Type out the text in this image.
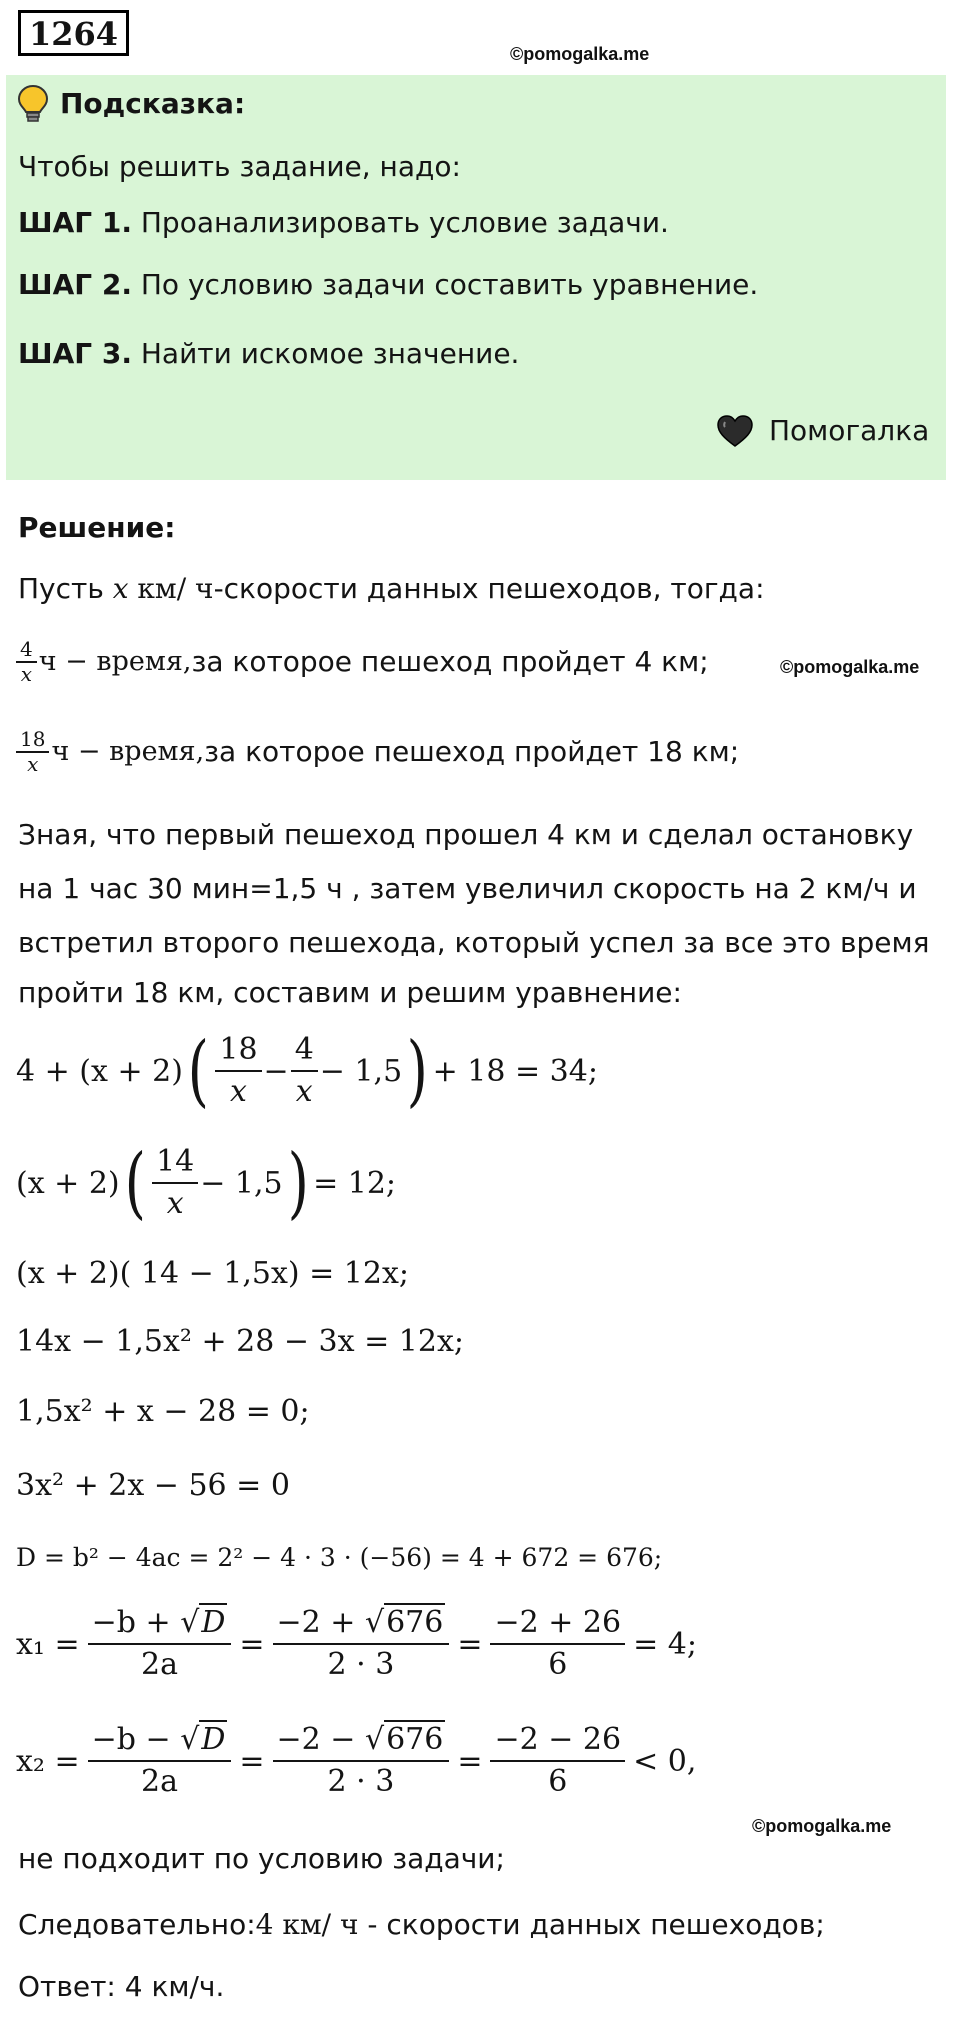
1264
©pomogalka.me
Подсказка:
Чтобы решить задание, надо:
ШАГ 1. Проанализировать условие задачи.
ШАГ 2. По условию задачи составить уравнение.
ШАГ 3. Найти искомое значение.
Помогалка
Решение:
Пусть x км/ ч-скорости данных пешеходов, тогда:
$\frac{4}{x}$ ч − время, за которое пешеход пройдет 4 км;	©pomogalka.me
$\frac{18}{x}$ ч − время, за которое пешеход пройдет 18 км;
Зная, что первый пешеход прошел 4 км и сделал остановку
на 1 час 30 мин=1,5 ч , затем увеличил скорость на 2 км/ч и
встретил второго пешехода, который успел за все это время
пройти 18 км, составим и решим уравнение:
4 + (x + 2) ( $\frac{18}{x} - \frac{4}{x} - 1,5$ ) + 18 = 34;
(x + 2) ( $\frac{14}{x} - 1,5$ ) = 12;
(x + 2)( 14 − 1,5x) = 12x;
14x − 1,5x² + 28 − 3x = 12x;
1,5x² + x − 28 = 0;
3x² + 2x − 56 = 0
D = b² − 4ac = 2² − 4 · 3 · (−56) = 4 + 672 = 676;
$x_1 = \frac{-b + √D}{2a} = \frac{-2 + √676}{2 \cdot 3} = \frac{-2 + 26}{6} = 4$;
$x_2 = \frac{-b - √D}{2a} = \frac{-2 - √676}{2 \cdot 3} = \frac{-2 - 26}{6} < 0$,
©pomogalka.me
не подходит по условию задачи;
Следовательно:4 км/ ч - скорости данных пешеходов;
Ответ: 4 км/ч.
